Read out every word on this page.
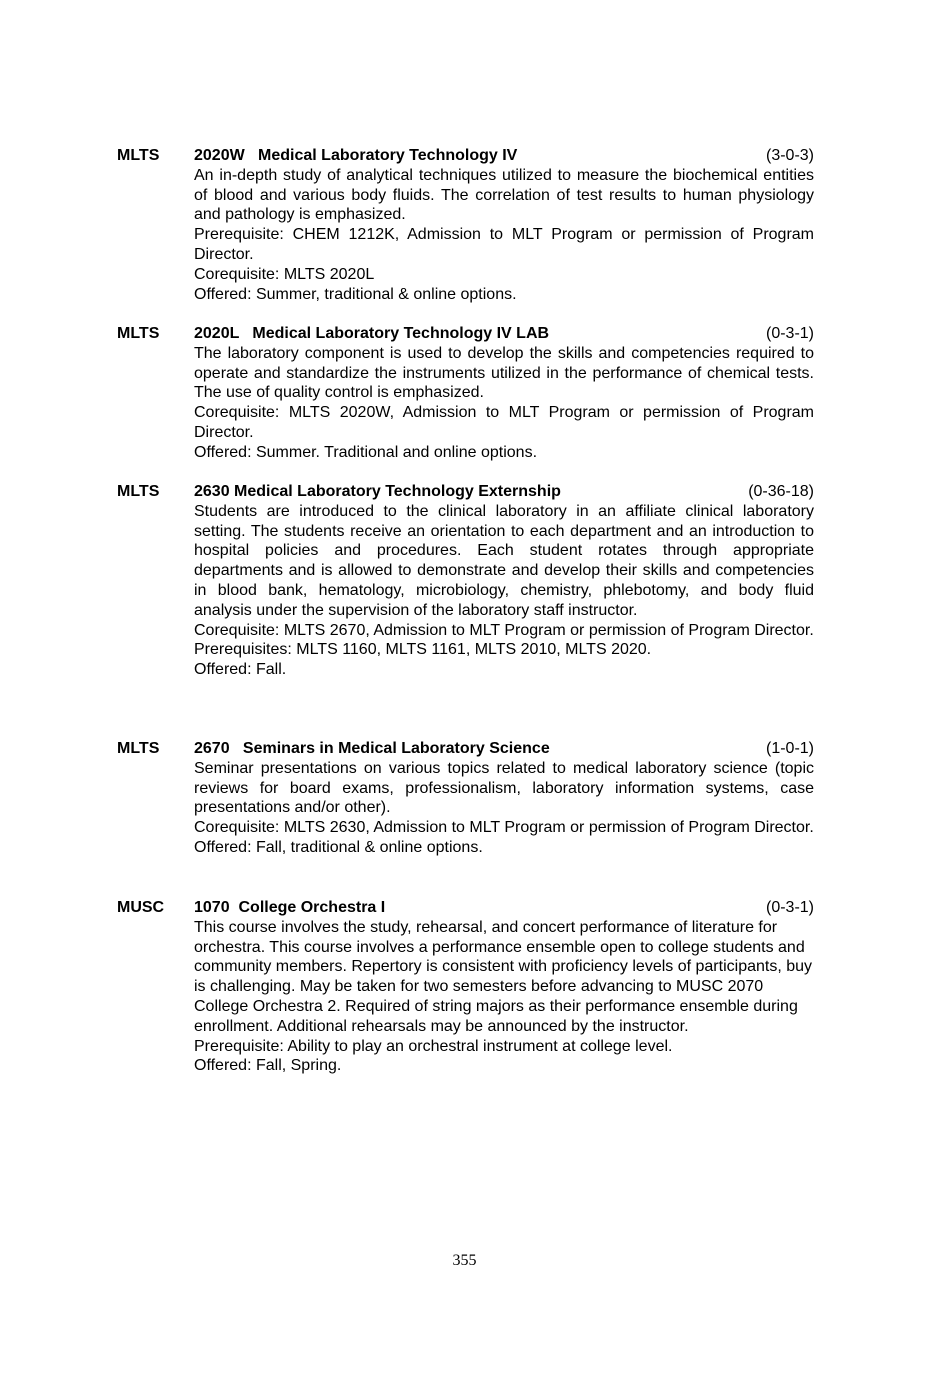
MLTS 2020W   Medical Laboratory Technology IV	(3-0-3)

An in-depth study of analytical techniques utilized to measure the biochemical entities of blood and various body fluids. The correlation of test results to human physiology and pathology is emphasized.

Prerequisite: CHEM 1212K, Admission to MLT Program or permission of Program Director.

Corequisite: MLTS 2020L

Offered: Summer, traditional & online options.

MLTS 2020L   Medical Laboratory Technology IV LAB	(0-3-1)

The laboratory component is used to develop the skills and competencies required to operate and standardize the instruments utilized in the performance of chemical tests. The use of quality control is emphasized.

Corequisite: MLTS 2020W, Admission to MLT Program or permission of Program Director.

Offered: Summer. Traditional and online options.

MLTS 2630 Medical Laboratory Technology Externship	(0-36-18)

Students are introduced to the clinical laboratory in an affiliate clinical laboratory setting. The students receive an orientation to each department and an introduction to hospital policies and procedures. Each student rotates through appropriate departments and is allowed to demonstrate and develop their skills and competencies in blood bank, hematology, microbiology, chemistry, phlebotomy, and body fluid analysis under the supervision of the laboratory staff instructor.

Corequisite: MLTS 2670, Admission to MLT Program or permission of Program Director.

Prerequisites: MLTS 1160, MLTS 1161, MLTS 2010, MLTS 2020.

Offered: Fall.

MLTS 2670   Seminars in Medical Laboratory Science	(1-0-1)

Seminar presentations on various topics related to medical laboratory science (topic reviews for board exams, professionalism, laboratory information systems, case presentations and/or other).

Corequisite: MLTS 2630, Admission to MLT Program or permission of Program Director.

Offered: Fall, traditional & online options.

MUSC 1070  College Orchestra I	(0-3-1)

This course involves the study, rehearsal, and concert performance of literature for orchestra. This course involves a performance ensemble open to college students and community members. Repertory is consistent with proficiency levels of participants, buy is challenging. May be taken for two semesters before advancing to MUSC 2070 College Orchestra 2. Required of string majors as their performance ensemble during enrollment. Additional rehearsals may be announced by the instructor.

Prerequisite: Ability to play an orchestral instrument at college level.

Offered: Fall, Spring.

355
